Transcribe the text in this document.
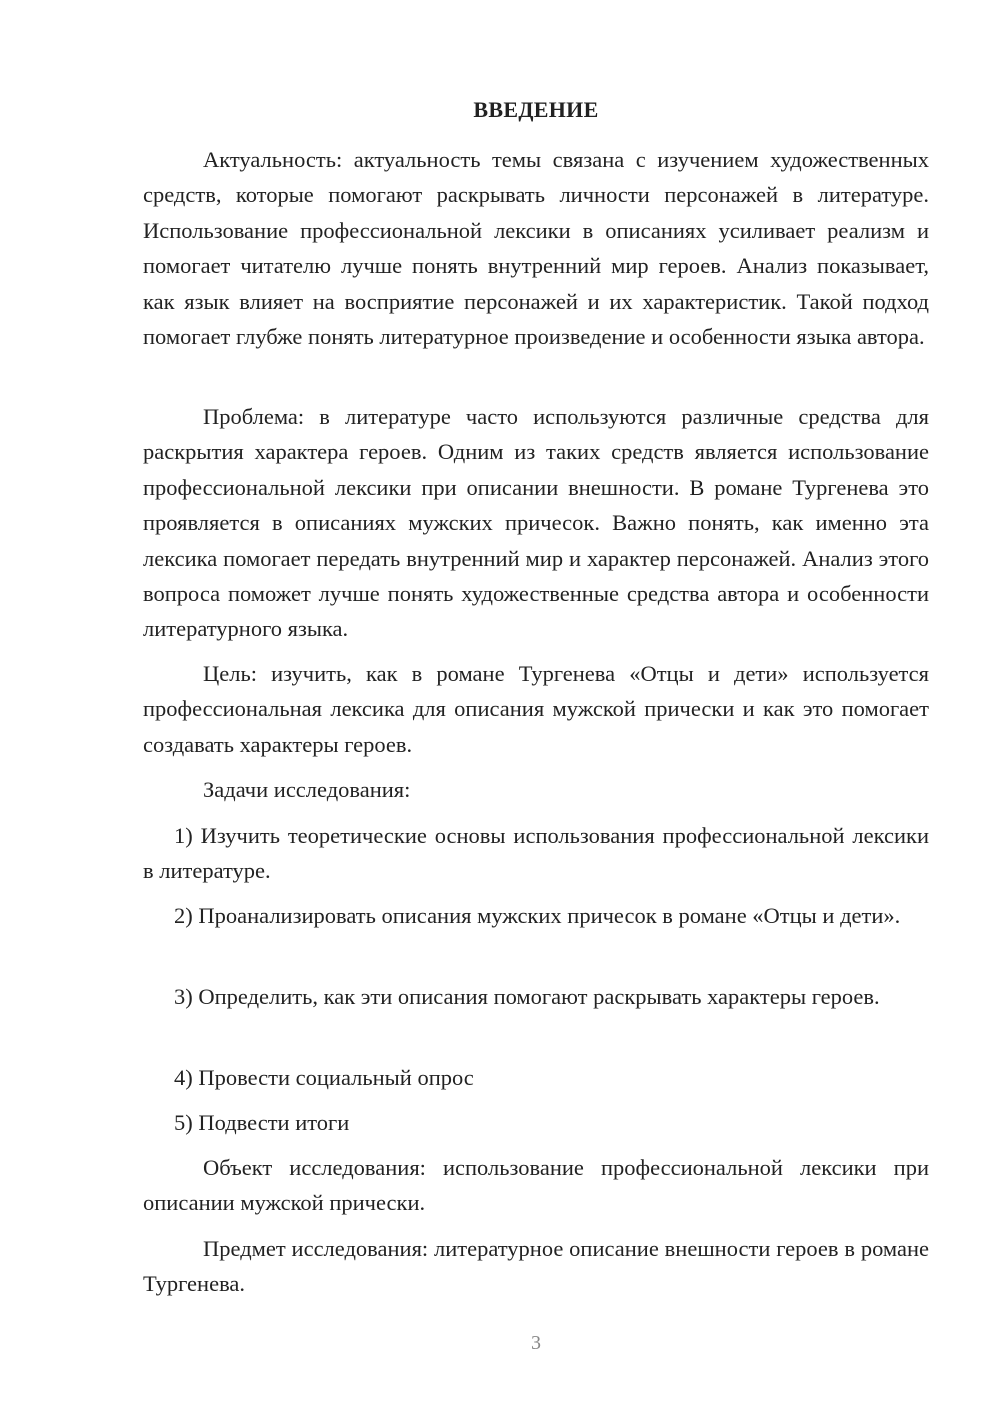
ВВЕДЕНИЕ

Актуальность: актуальность темы связана с изучением художественных средств, которые помогают раскрывать личности персонажей в литературе. Использование профессиональной лексики в описаниях усиливает реализм и помогает читателю лучше понять внутренний мир героев. Анализ показывает, как язык влияет на восприятие персонажей и их характеристик. Такой подход помогает глубже понять литературное произведение и особенности языка автора.

Проблема: в литературе часто используются различные средства для раскрытия характера героев. Одним из таких средств является использование профессиональной лексики при описании внешности. В романе Тургенева это проявляется в описаниях мужских причесок. Важно понять, как именно эта лексика помогает передать внутренний мир и характер персонажей. Анализ этого вопроса поможет лучше понять художественные средства автора и особенности литературного языка.

Цель: изучить, как в романе Тургенева «Отцы и дети» используется профессиональная лексика для описания мужской прически и как это помогает создавать характеры героев.

Задачи исследования:

1) Изучить теоретические основы использования профессиональной лексики в литературе.

2) Проанализировать описания мужских причесок в романе «Отцы и дети».

3) Определить, как эти описания помогают раскрывать характеры героев.

4) Провести социальный опрос

5) Подвести итоги

Объект исследования: использование профессиональной лексики при описании мужской прически.

Предмет исследования: литературное описание внешности героев в романе Тургенева.

3
